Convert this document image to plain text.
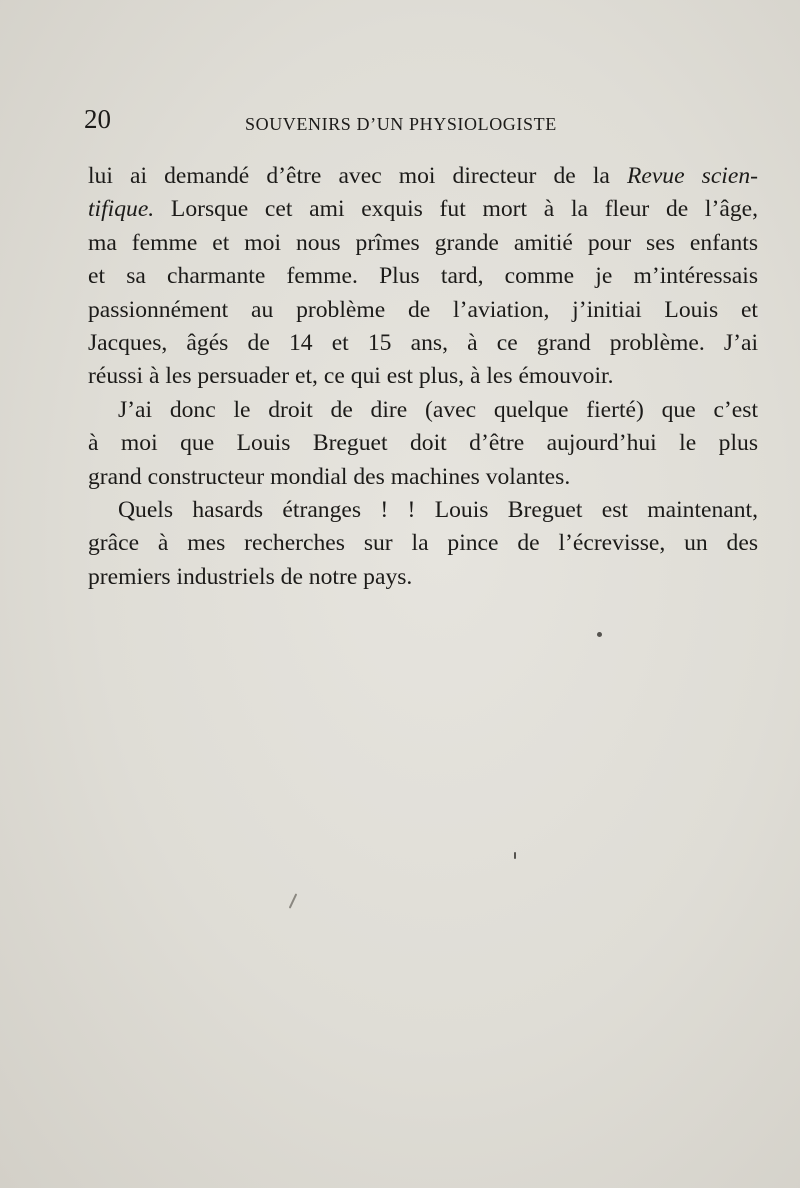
20	SOUVENIRS D’UN PHYSIOLOGISTE
lui ai demandé d’être avec moi directeur de la Revue scien-
tifique. Lorsque cet ami exquis fut mort à la fleur de l’âge,
ma femme et moi nous prîmes grande amitié pour ses enfants
et sa charmante femme. Plus tard, comme je m’intéressais
passionnément au problème de l’aviation, j’initiai Louis et
Jacques, âgés de 14 et 15 ans, à ce grand problème. J’ai
réussi à les persuader et, ce qui est plus, à les émouvoir.
J’ai donc le droit de dire (avec quelque fierté) que c’est
à moi que Louis Breguet doit d’être aujourd’hui le plus
grand constructeur mondial des machines volantes.
Quels hasards étranges ! ! Louis Breguet est maintenant,
grâce à mes recherches sur la pince de l’écrevisse, un des
premiers industriels de notre pays.
